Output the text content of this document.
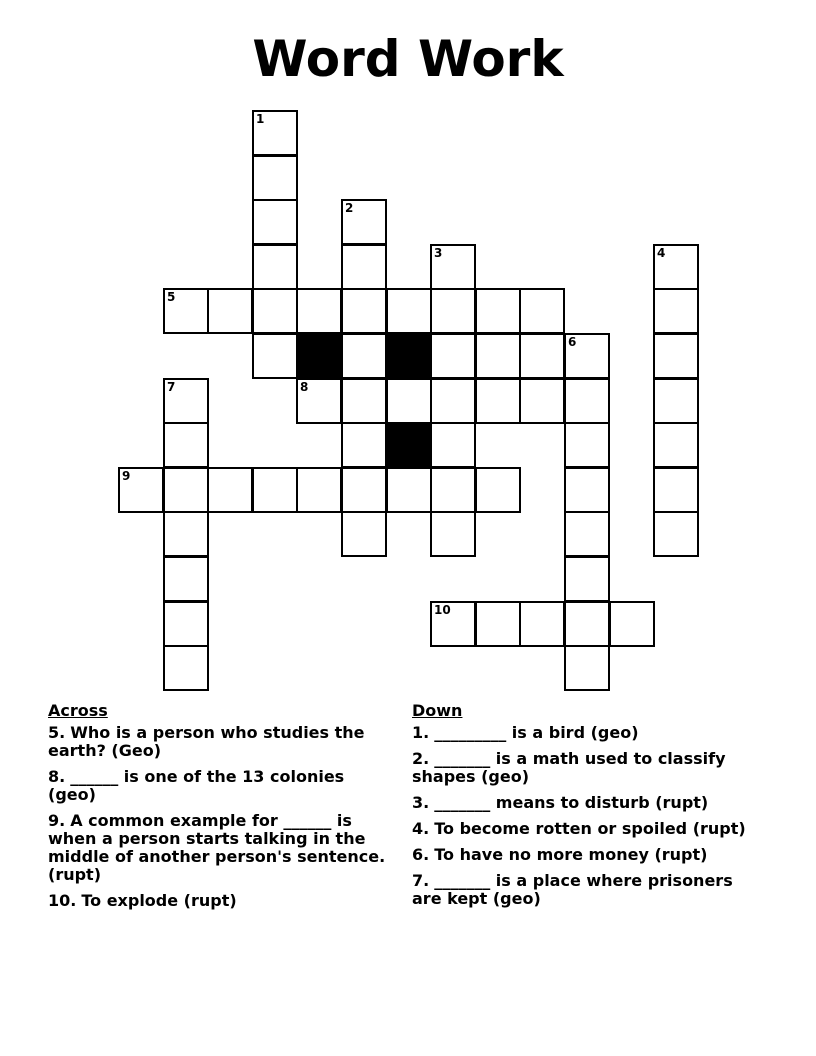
Word Work
1
2
3	4
5
6
7	8
9
10
Across
5. Who is a person who studies the earth? (Geo)
8. ______ is one of the 13 colonies (geo)
9. A common example for ______ is when a person starts talking in the middle of another person's sentence.(rupt)
10. To explode (rupt)
Down
1. _________ is a bird (geo)
2. _______ is a math used to classify shapes (geo)
3. _______ means to disturb (rupt)
4. To become rotten or spoiled (rupt)
6. To have no more money (rupt)
7. _______ is a place where prisoners are kept (geo)
